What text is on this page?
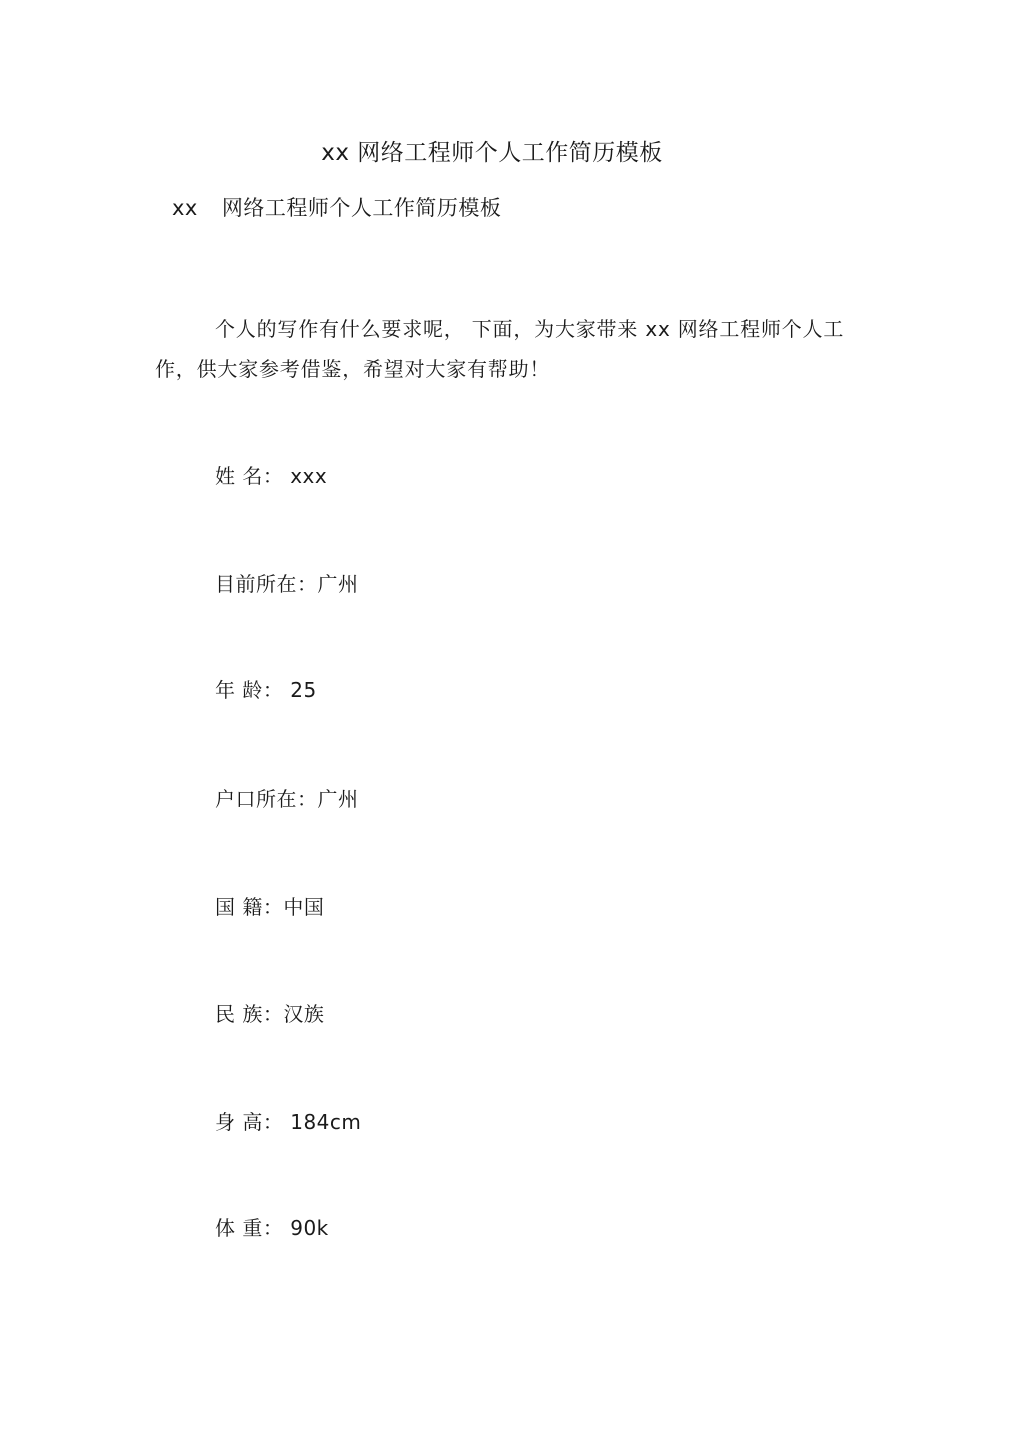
xx 网络工程师个人工作简历模板
xx 网络工程师个人工作简历模板
个人的写作有什么要求呢， 下面，为大家带来 xx 网络工程师个人工作，供大家参考借鉴，希望对大家有帮助！
姓 名： xxx
目前所在：广州
年 龄： 25
户口所在：广州
国 籍：中国
民 族：汉族
身 高： 184cm
体 重： 90k
